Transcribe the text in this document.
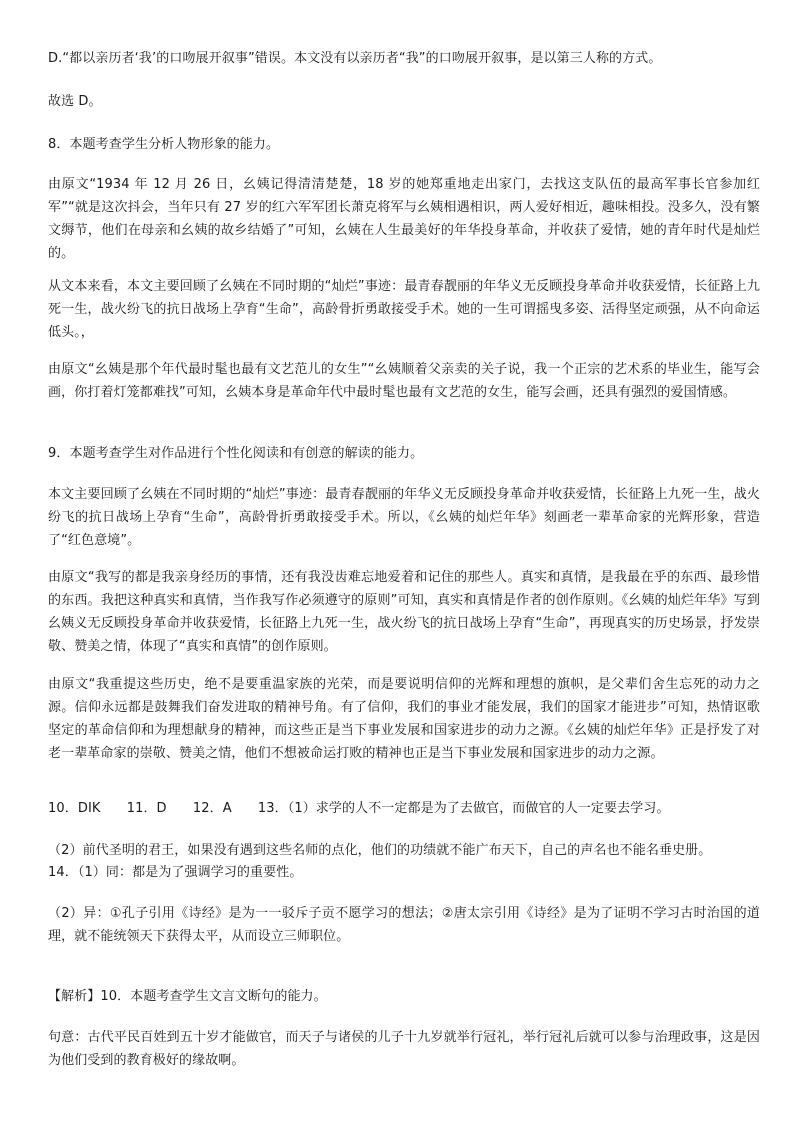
D.“都以亲历者‘我’的口吻展开叙事”错误。本文没有以亲历者“我”的口吻展开叙事，是以第三人称的方式。
故选 D。
8．本题考查学生分析人物形象的能力。
由原文“1934 年 12 月 26 日，幺姨记得清清楚楚，18 岁的她郑重地走出家门，去找这支队伍的最高军事长官参加红军”“就是这次抖会，当年只有 27 岁的红六军军团长萧克将军与幺姨相遇相识，两人爱好相近，趣味相投。没多久，没有繁文缛节，他们在母亲和幺姨的故乡结婚了”可知，幺姨在人生最美好的年华投身革命，并收获了爱情，她的青年时代是灿烂的。
从文本来看，本文主要回顾了幺姨在不同时期的“灿烂”事迹：最青春靓丽的年华义无反顾投身革命并收获爱情，长征路上九死一生，战火纷飞的抗日战场上孕育“生命”，高龄骨折勇敢接受手术。她的一生可谓摇曳多姿、活得坚定顽强，从不向命运低头。，
由原文“幺姨是那个年代最时髦也最有文艺范儿的女生”“幺姨顺着父亲卖的关子说，我一个正宗的艺术系的毕业生，能写会画，你打着灯笼都难找”可知，幺姨本身是革命年代中最时髦也最有文艺范的女生，能写会画，还具有强烈的爱国情感。
9．本题考查学生对作品进行个性化阅读和有创意的解读的能力。
本文主要回顾了幺姨在不同时期的“灿烂”事迹：最青春靓丽的年华义无反顾投身革命并收获爱情，长征路上九死一生，战火纷飞的抗日战场上孕育“生命”，高龄骨折勇敢接受手术。所以，《幺姨的灿烂年华》刻画老一辈革命家的光辉形象，营造了“红色意境”。
由原文“我写的都是我亲身经历的事情，还有我没齿难忘地爱着和记住的那些人。真实和真情，是我最在乎的东西、最珍惜的东西。我把这种真实和真情，当作我写作必须遵守的原则”可知，真实和真情是作者的创作原则。《幺姨的灿烂年华》写到幺姨义无反顾投身革命并收获爱情，长征路上九死一生，战火纷飞的抗日战场上孕育“生命”，再现真实的历史场景，抒发崇敬、赞美之情，体现了“真实和真情”的创作原则。
由原文“我重提这些历史，绝不是要重温家族的光荣，而是要说明信仰的光辉和理想的旗帜，是父辈们舍生忘死的动力之源。信仰永远都是鼓舞我们奋发进取的精神号角。有了信仰，我们的事业才能发展，我们的国家才能进步”可知，热情讴歌坚定的革命信仰和为理想献身的精神，而这些正是当下事业发展和国家进步的动力之源。《幺姨的灿烂年华》正是抒发了对老一辈革命家的崇敬、赞美之情，他们不想被命运打败的精神也正是当下事业发展和国家进步的动力之源。
10．DIK　　11．D　　12．A　　13．（1）求学的人不一定都是为了去做官，而做官的人一定要去学习。
（2）前代圣明的君王，如果没有遇到这些名师的点化，他们的功绩就不能广布天下，自己的声名也不能名垂史册。
14．（1）同：都是为了强调学习的重要性。
（2）异：①孔子引用《诗经》是为一一驳斥子贡不愿学习的想法；②唐太宗引用《诗经》是为了证明不学习古时治国的道理，就不能统领天下获得太平，从而设立三师职位。
【解析】10．本题考查学生文言文断句的能力。
句意：古代平民百姓到五十岁才能做官，而天子与诸侯的儿子十九岁就举行冠礼，举行冠礼后就可以参与治理政事，这是因为他们受到的教育极好的缘故啊。
